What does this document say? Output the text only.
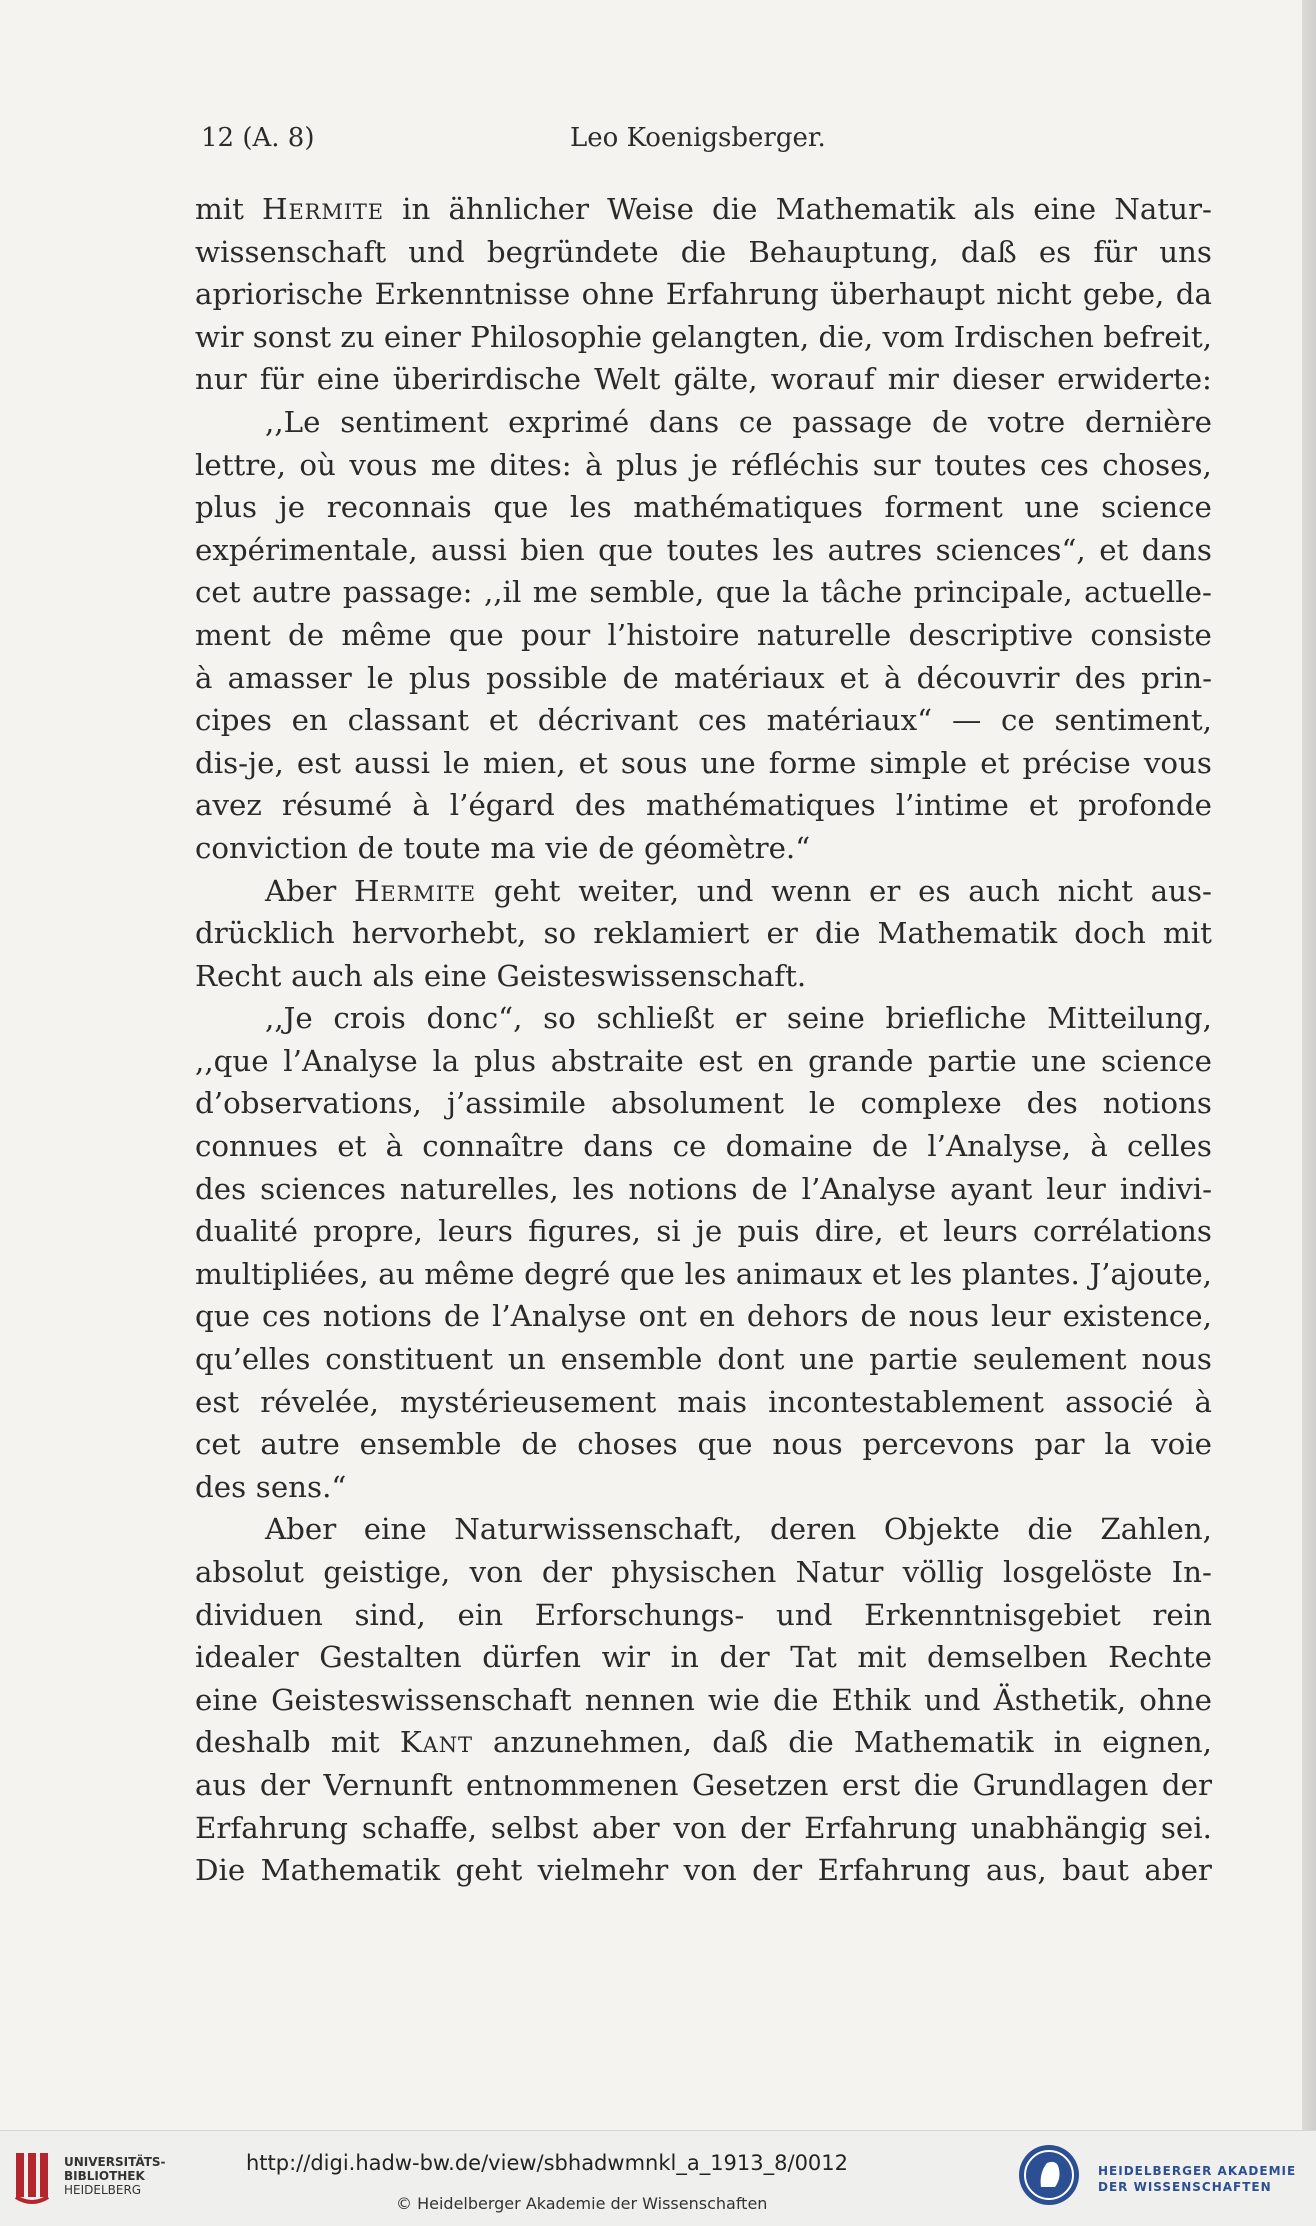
12 (A. 8)	Leo Koenigsberger.
mit Hermite in ähnlicher Weise die Mathematik als eine Natur-
wissenschaft und begründete die Behauptung, daß es für uns
apriorische Erkenntnisse ohne Erfahrung überhaupt nicht gebe, da
wir sonst zu einer Philosophie gelangten, die, vom Irdischen befreit,
nur für eine überirdische Welt gälte, worauf mir dieser erwiderte:
,,Le sentiment exprimé dans ce passage de votre dernière
lettre, où vous me dites: à plus je réfléchis sur toutes ces choses,
plus je reconnais que les mathématiques forment une science
expérimentale, aussi bien que toutes les autres sciences“, et dans
cet autre passage: ,,il me semble, que la tâche principale, actuelle-
ment de même que pour l’histoire naturelle descriptive consiste
à amasser le plus possible de matériaux et à découvrir des prin-
cipes en classant et décrivant ces matériaux“ — ce sentiment,
dis-je, est aussi le mien, et sous une forme simple et précise vous
avez résumé à l’égard des mathématiques l’intime et profonde
conviction de toute ma vie de géomètre.“
Aber Hermite geht weiter, und wenn er es auch nicht aus-
drücklich hervorhebt, so reklamiert er die Mathematik doch mit
Recht auch als eine Geisteswissenschaft.
,,Je crois donc“, so schließt er seine briefliche Mitteilung,
,,que l’Analyse la plus abstraite est en grande partie une science
d’observations, j’assimile absolument le complexe des notions
connues et à connaître dans ce domaine de l’Analyse, à celles
des sciences naturelles, les notions de l’Analyse ayant leur indivi-
dualité propre, leurs figures, si je puis dire, et leurs corrélations
multipliées, au même degré que les animaux et les plantes. J’ajoute,
que ces notions de l’Analyse ont en dehors de nous leur existence,
qu’elles constituent un ensemble dont une partie seulement nous
est révelée, mystérieusement mais incontestablement associé à
cet autre ensemble de choses que nous percevons par la voie
des sens.“
Aber eine Naturwissenschaft, deren Objekte die Zahlen,
absolut geistige, von der physischen Natur völlig losgelöste In-
dividuen sind, ein Erforschungs- und Erkenntnisgebiet rein
idealer Gestalten dürfen wir in der Tat mit demselben Rechte
eine Geisteswissenschaft nennen wie die Ethik und Ästhetik, ohne
deshalb mit Kant anzunehmen, daß die Mathematik in eignen,
aus der Vernunft entnommenen Gesetzen erst die Grundlagen der
Erfahrung schaffe, selbst aber von der Erfahrung unabhängig sei.
Die Mathematik geht vielmehr von der Erfahrung aus, baut aber
UNIVERSITÄTS-
BIBLIOTHEK
HEIDELBERG
http://digi.hadw-bw.de/view/sbhadwmnkl_a_1913_8/0012
© Heidelberger Akademie der Wissenschaften
HEIDELBERGER AKADEMIE
DER WISSENSCHAFTEN
